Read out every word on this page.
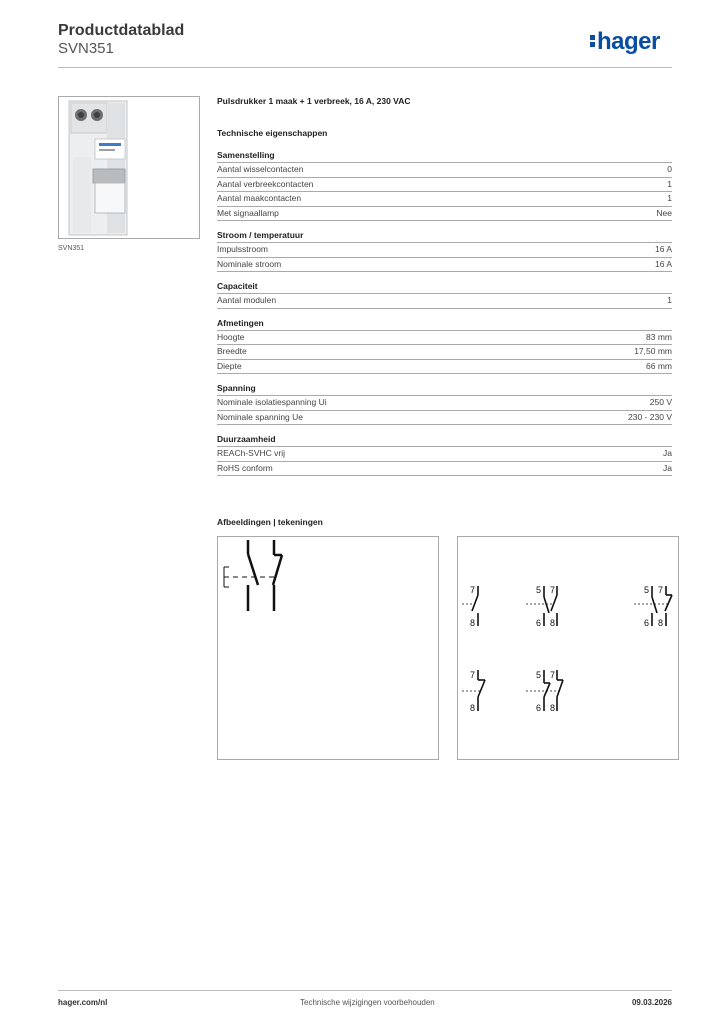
Productdatablad
SVN351	hager
SVN351
Pulsdrukker 1 maak + 1 verbreek, 16 A, 230 VAC
Technische eigenschappen
Samenstelling
Aantal wisselcontacten	0
Aantal verbreekcontacten	1
Aantal maakcontacten	1
Met signaallamp	Nee
Stroom / temperatuur
Impulsstroom	16 A
Nominale stroom	16 A
Capaciteit
Aantal modulen	1
Afmetingen
Hoogte	83 mm
Breedte	17,50 mm
Diepte	66 mm
Spanning
Nominale isolatiespanning Ui	250 V
Nominale spanning Ue	230 - 230 V
Duurzaamheid
REACh-SVHC vrij	Ja
RoHS conform	Ja
Afbeeldingen | tekeningen
7
8
5
6
7
8
5
6
7
8
7
8
5
6
7
8
hager.com/nl	Technische wijzigingen voorbehouden	09.03.2026
